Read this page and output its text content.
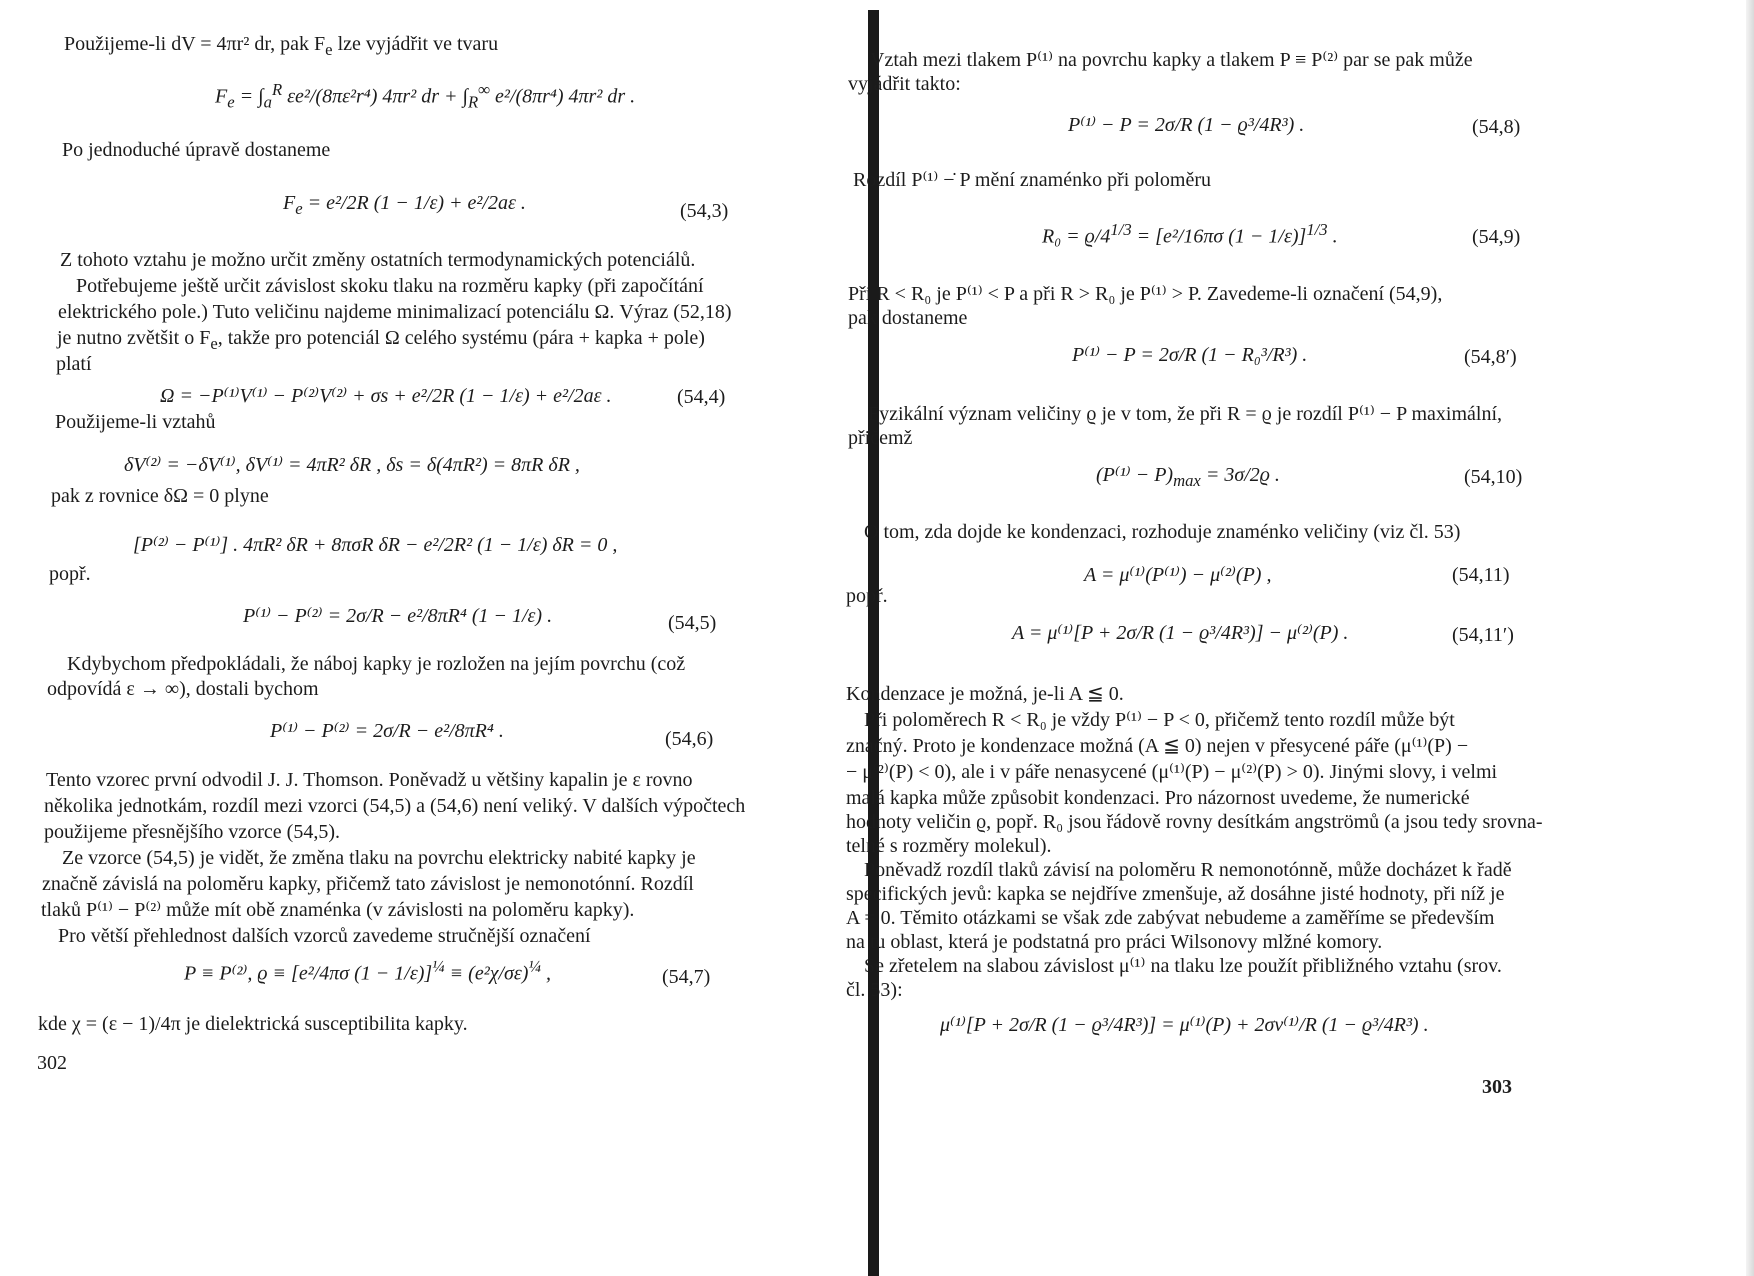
Použijeme-li dV = 4πr² dr, pak $F_e$ lze vyjádřit ve tvaru
$F_e = \int_a^R$ εe²/(8πε²r⁴) 4πr² dr + $\int_R^\infty$ e²/(8πr⁴) 4πr² dr .
Po jednoduché úpravě dostaneme
$F_e = e^2/2R$ (1 − 1/ε) + e²/2aε .	(54,3)
Z tohoto vztahu je možno určit změny ostatních termodynamických potenciálů.
Potřebujeme ještě určit závislost skoku tlaku na rozměru kapky (při započítání
elektrického pole.) Tuto veličinu najdeme minimalizací potenciálu Ω. Výraz (52,18)
je nutno zvětšit o $F_e$, takže pro potenciál Ω celého systému (pára + kapka + pole)
platí
Ω = −P⁽¹⁾V⁽¹⁾ − P⁽²⁾V⁽²⁾ + σs + e²/2R (1 − 1/ε) + e²/2aε .	(54,4)
Použijeme-li vztahů
δV⁽²⁾ = −δV⁽¹⁾, δV⁽¹⁾ = 4πR² δR , δs = δ(4πR²) = 8πR δR ,
pak z rovnice δΩ = 0 plyne
[P⁽²⁾ − P⁽¹⁾] . 4πR² δR + 8πσR δR − e²/2R² (1 − 1/ε) δR = 0 ,
popř.
P⁽¹⁾ − P⁽²⁾ = 2σ/R − e²/8πR⁴ (1 − 1/ε) .	(54,5)
Kdybychom předpokládali, že náboj kapky je rozložen na jejím povrchu (což
odpovídá ε → ∞), dostali bychom
P⁽¹⁾ − P⁽²⁾ = 2σ/R − e²/8πR⁴ .	(54,6)
Tento vzorec první odvodil J. J. Thomson. Poněvadž u většiny kapalin je ε rovno
několika jednotkám, rozdíl mezi vzorci (54,5) a (54,6) není veliký. V dalších výpočtech
použijeme přesnějšího vzorce (54,5).
Ze vzorce (54,5) je vidět, že změna tlaku na povrchu elektricky nabité kapky je
značně závislá na poloměru kapky, přičemž tato závislost je nemonotónní. Rozdíl
tlaků P⁽¹⁾ − P⁽²⁾ může mít obě znaménka (v závislosti na poloměru kapky).
Pro větší přehlednost dalších vzorců zavedeme stručnější označení
P ≡ P⁽²⁾, ϱ ≡ [e²/4πσ $(1 - 1/\varepsilon)]^{\frac{1}{4}} \equiv (e^2\chi/\sigma\varepsilon)^{\frac{1}{4}}$ ,	(54,7)
kde χ = (ε − 1)/4π je dielektrická susceptibilita kapky.
302
Vztah mezi tlakem P⁽¹⁾ na povrchu kapky a tlakem P ≡ P⁽²⁾ par se pak může
vyjádřit takto:
P⁽¹⁾ − P = 2σ/R (1 − ϱ³/4R³) .	(54,8)
Rozdíl P⁽¹⁾ −̇ P mění znaménko při poloměru
$R_0 = ϱ/4^{1/3} = [e^2/16\pi\sigma$ (1 − 1/ε)]$^{1/3}$ .	(54,9)
Při R < R₀ je P⁽¹⁾ < P a při R > R₀ je P⁽¹⁾ > P. Zavedeme-li označení (54,9),
pak dostaneme
P⁽¹⁾ − P = 2σ/R (1 − R₀³/R³) .	(54,8′)
Fyzikální význam veličiny ϱ je v tom, že při R = ϱ je rozdíl P⁽¹⁾ − P maximální,
přičemž
$(P^{(1)} - P)_{max} = 3\sigma/2ϱ$ .	(54,10)
O tom, zda dojde ke kondenzaci, rozhoduje znaménko veličiny (viz čl. 53)
A = μ⁽¹⁾(P⁽¹⁾) − μ⁽²⁾(P) ,	(54,11)
popř.
A = μ⁽¹⁾[P + 2σ/R (1 − ϱ³/4R³)] − μ⁽²⁾(P) .	(54,11′)
Kondenzace je možná, je-li A ≦ 0.
Při poloměrech R < R₀ je vždy P⁽¹⁾ − P < 0, přičemž tento rozdíl může být
značný. Proto je kondenzace možná (A ≦ 0) nejen v přesycené páře (μ⁽¹⁾(P) −
− μ⁽²⁾(P) < 0), ale i v páře nenasycené (μ⁽¹⁾(P) − μ⁽²⁾(P) > 0). Jinými slovy, i velmi
malá kapka může způsobit kondenzaci. Pro názornost uvedeme, že numerické
hodnoty veličin ϱ, popř. R₀ jsou řádově rovny desítkám angströmů (a jsou tedy srovna-
telné s rozměry molekul).
Poněvadž rozdíl tlaků závisí na poloměru R nemonotónně, může docházet k řadě
specifických jevů: kapka se nejdříve zmenšuje, až dosáhne jisté hodnoty, při níž je
A = 0. Těmito otázkami se však zde zabývat nebudeme a zaměříme se především
na tu oblast, která je podstatná pro práci Wilsonovy mlžné komory.
Se zřetelem na slabou závislost μ⁽¹⁾ na tlaku lze použít přibližného vztahu (srov.
čl. 53):
μ⁽¹⁾[P + 2σ/R (1 − ϱ³/4R³)] = μ⁽¹⁾(P) + 2σv⁽¹⁾/R (1 − ϱ³/4R³) .
303
